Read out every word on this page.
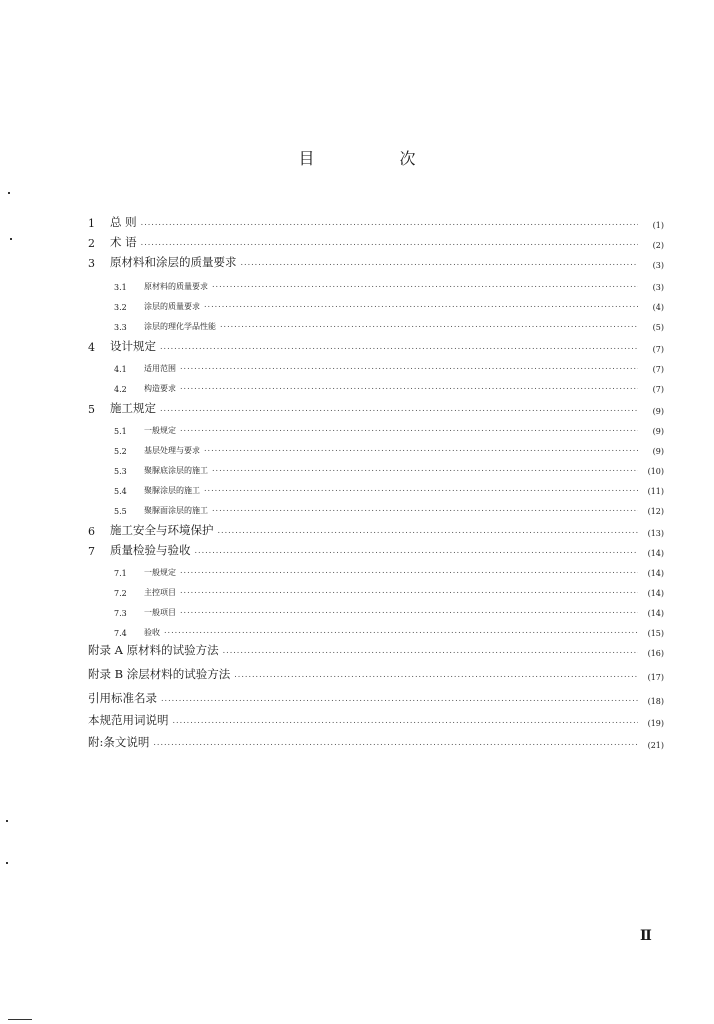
目 次
1	总 则 .....	(1)
2	术 语 .....	(2)
3	原材料和涂层的质量要求 .....	(3)
3.1	原材料的质量要求 .....	(3)
3.2	涂层的质量要求 .....	(4)
3.3	涂层的理化学品性能 .....	(5)
4	设计规定 .....	(7)
4.1	适用范围 .....	(7)
4.2	构造要求 .....	(7)
5	施工规定 .....	(9)
5.1	一般规定 .....	(9)
5.2	基层处理与要求 .....	(9)
5.3	聚脲底涂层的施工 .....	(10)
5.4	聚脲涂层的施工 .....	(11)
5.5	聚脲面涂层的施工 .....	(12)
6	施工安全与环境保护 .....	(13)
7	质量检验与验收 .....	(14)
7.1	一般规定 .....	(14)
7.2	主控项目 .....	(14)
7.3	一般项目 .....	(14)
7.4	验收 .....	(15)
附录 A 原材料的试验方法 .....	(16)
附录 B 涂层材料的试验方法 .....	(17)
引用标准名录 .....	(18)
本规范用词说明 .....	(19)
附:条文说明 .....	(21)
Ⅱ
